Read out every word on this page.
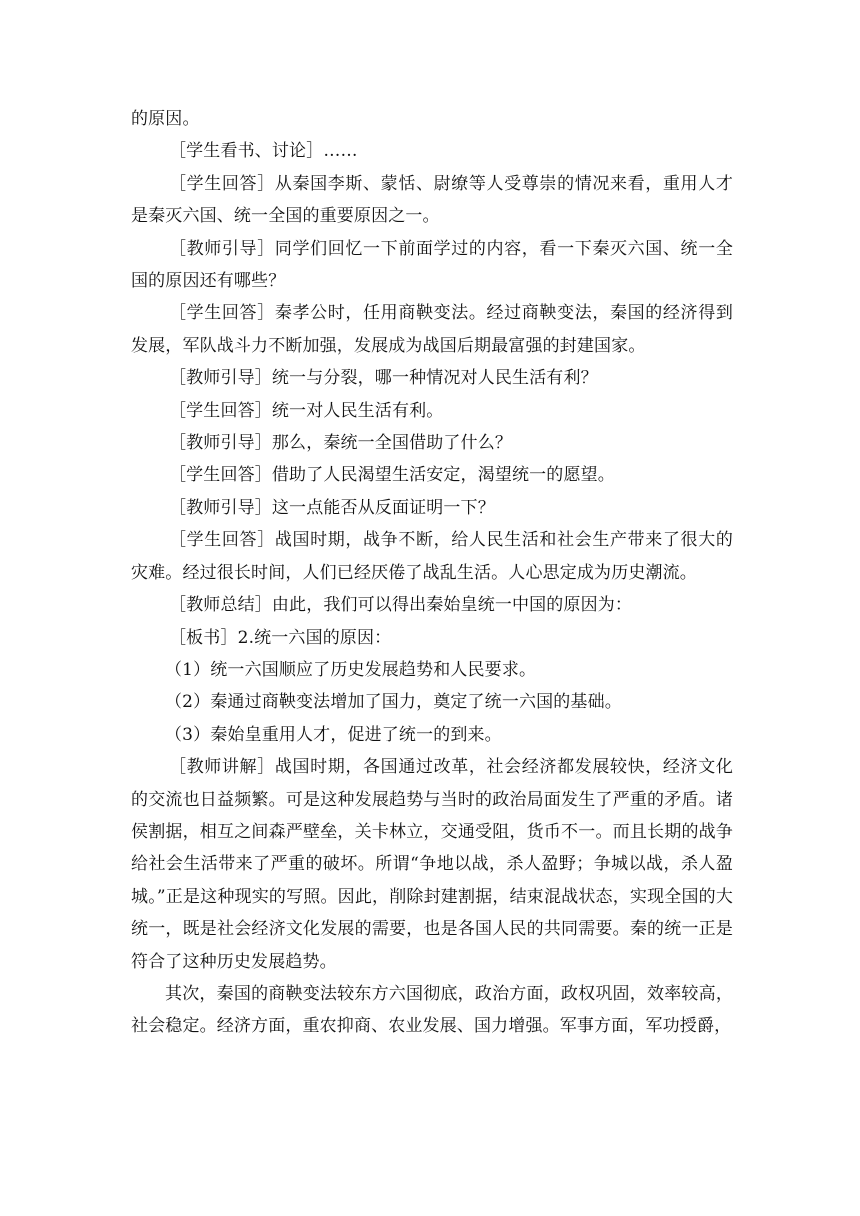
的原因。

［学生看书、讨论］……

［学生回答］从秦国李斯、蒙恬、尉缭等人受尊崇的情况来看，重用人才是秦灭六国、统一全国的重要原因之一。

［教师引导］同学们回忆一下前面学过的内容，看一下秦灭六国、统一全国的原因还有哪些？

［学生回答］秦孝公时，任用商鞅变法。经过商鞅变法，秦国的经济得到发展，军队战斗力不断加强，发展成为战国后期最富强的封建国家。

［教师引导］统一与分裂，哪一种情况对人民生活有利？

［学生回答］统一对人民生活有利。

［教师引导］那么，秦统一全国借助了什么？

［学生回答］借助了人民渴望生活安定，渴望统一的愿望。

［教师引导］这一点能否从反面证明一下？

［学生回答］战国时期，战争不断，给人民生活和社会生产带来了很大的灾难。经过很长时间，人们已经厌倦了战乱生活。人心思定成为历史潮流。

［教师总结］由此，我们可以得出秦始皇统一中国的原因为：

［板书］2.统一六国的原因：

（1）统一六国顺应了历史发展趋势和人民要求。

（2）秦通过商鞅变法增加了国力，奠定了统一六国的基础。

（3）秦始皇重用人才，促进了统一的到来。

［教师讲解］战国时期，各国通过改革，社会经济都发展较快，经济文化的交流也日益频繁。可是这种发展趋势与当时的政治局面发生了严重的矛盾。诸侯割据，相互之间森严壁垒，关卡林立，交通受阻，货币不一。而且长期的战争给社会生活带来了严重的破坏。所谓“争地以战，杀人盈野；争城以战，杀人盈城。”正是这种现实的写照。因此，削除封建割据，结束混战状态，实现全国的大统一，既是社会经济文化发展的需要，也是各国人民的共同需要。秦的统一正是符合了这种历史发展趋势。

其次，秦国的商鞅变法较东方六国彻底，政治方面，政权巩固，效率较高，社会稳定。经济方面，重农抑商、农业发展、国力增强。军事方面，军功授爵，
